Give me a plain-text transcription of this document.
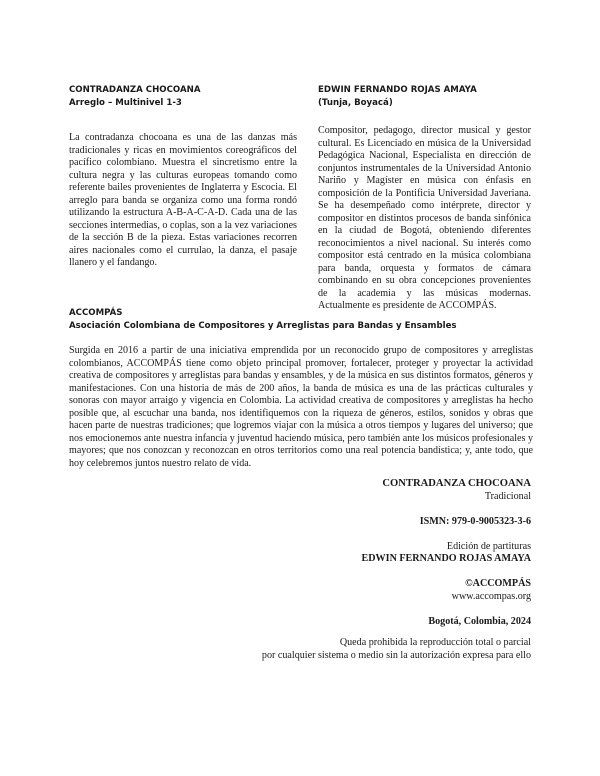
CONTRADANZA CHOCOANA
Arreglo – Multinivel 1-3
La contradanza chocoana es una de las danzas más tradicionales y ricas en movimientos coreográficos del pacífico colombiano. Muestra el sincretismo entre la cultura negra y las culturas europeas tomando como referente bailes provenientes de Inglaterra y Escocia. El arreglo para banda se organiza como una forma rondó utilizando la estructura A-B-A-C-A-D. Cada una de las secciones intermedias, o coplas, son a la vez variaciones de la sección B de la pieza. Estas variaciones recorren aires nacionales como el currulao, la danza, el pasaje llanero y el fandango.
EDWIN FERNANDO ROJAS AMAYA
(Tunja, Boyacá)
Compositor, pedagogo, director musical y gestor cultural. Es Licenciado en música de la Universidad Pedagógica Nacional, Especialista en dirección de conjuntos instrumentales de la Universidad Antonio Nariño y Magíster en música con énfasis en composición de la Pontificia Universidad Javeriana. Se ha desempeñado como intérprete, director y compositor en distintos procesos de banda sinfónica en la ciudad de Bogotá, obteniendo diferentes reconocimientos a nivel nacional. Su interés como compositor está centrado en la música colombiana para banda, orquesta y formatos de cámara combinando en su obra concepciones provenientes de la academia y las músicas modernas. Actualmente es presidente de ACCOMPÁS.
ACCOMPÁS
Asociación Colombiana de Compositores y Arreglistas para Bandas y Ensambles
Surgida en 2016 a partir de una iniciativa emprendida por un reconocido grupo de compositores y arreglistas colombianos, ACCOMPÁS tiene como objeto principal promover, fortalecer, proteger y proyectar la actividad creativa de compositores y arreglistas para bandas y ensambles, y de la música en sus distintos formatos, géneros y manifestaciones. Con una historia de más de 200 años, la banda de música es una de las prácticas culturales y sonoras con mayor arraigo y vigencia en Colombia. La actividad creativa de compositores y arreglistas ha hecho posible que, al escuchar una banda, nos identifiquemos con la riqueza de géneros, estilos, sonidos y obras que hacen parte de nuestras tradiciones; que logremos viajar con la música a otros tiempos y lugares del universo; que nos emocionemos ante nuestra infancia y juventud haciendo música, pero también ante los músicos profesionales y mayores; que nos conozcan y reconozcan en otros territorios como una real potencia bandística; y, ante todo, que hoy celebremos juntos nuestro relato de vida.
CONTRADANZA CHOCOANA
Tradicional
ISMN: 979-0-9005323-3-6
Edición de partituras
EDWIN FERNANDO ROJAS AMAYA
©ACCOMPÁS
www.accompas.org
Bogotá, Colombia, 2024
Queda prohibida la reproducción total o parcial
por cualquier sistema o medio sin la autorización expresa para ello
